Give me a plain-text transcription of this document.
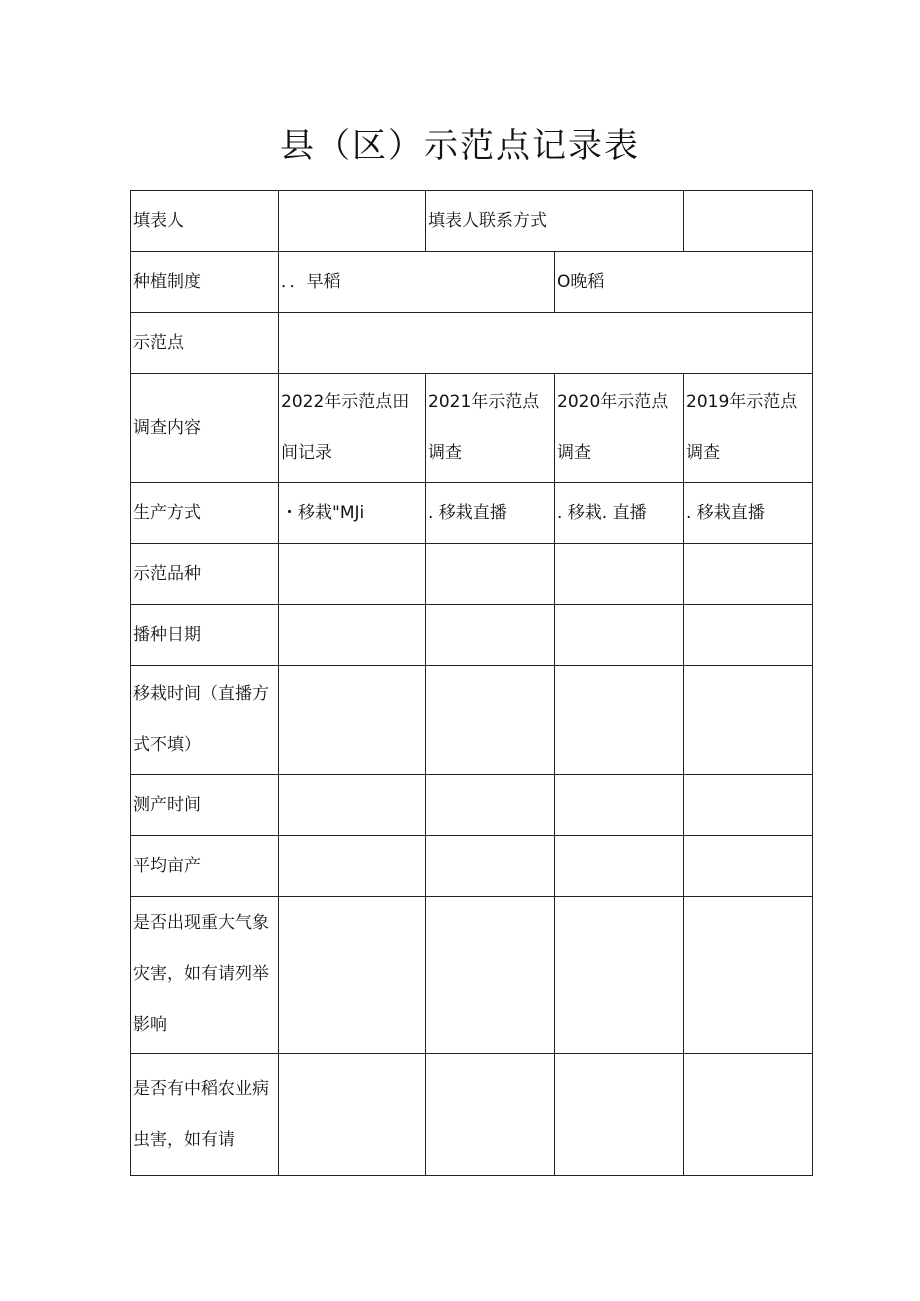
县（区）示范点记录表
填表人		填表人联系方式		
种植制度	．．早稻		O晚稻	
示范点				
调查内容	2022年示范点田间记录	2021年示范点调查	2020年示范点调查	2019年示范点调查
生产方式	・移栽"MJi	. 移栽直播	. 移栽. 直播	. 移栽直播
示范品种				
播种日期				
移栽时间（直播方式不填）				
测产时间				
平均亩产				
是否出现重大气象灾害，如有请列举影响				
是否有中稻农业病虫害，如有请				
